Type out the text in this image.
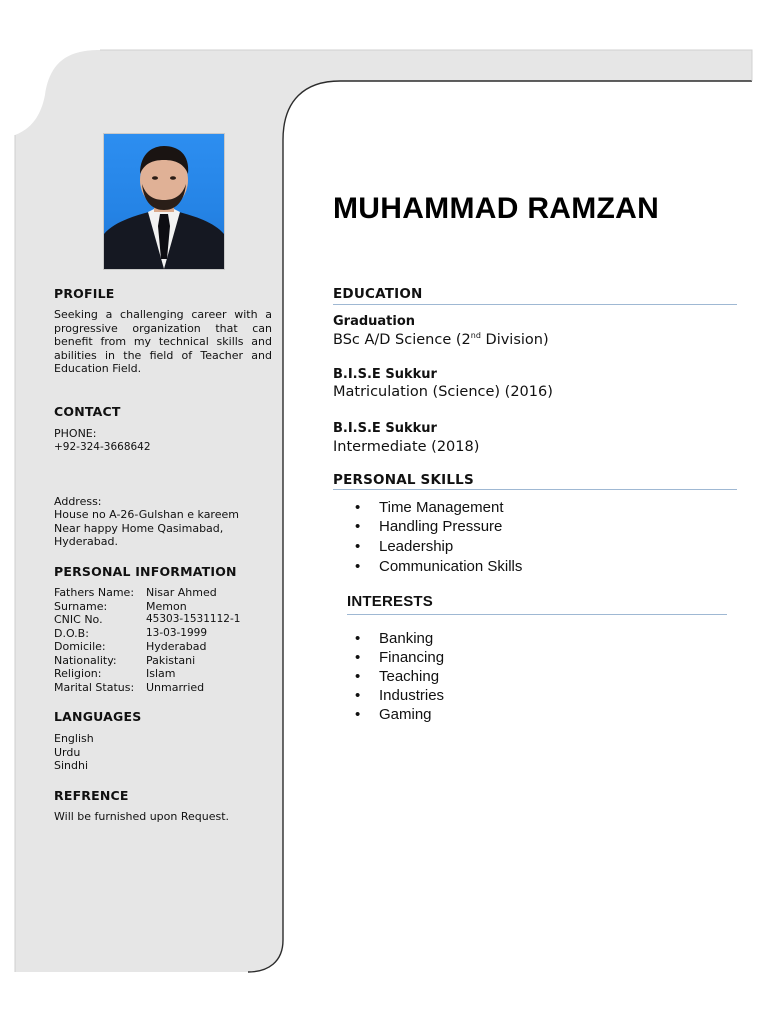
PROFILE
Seeking a challenging career with a progressive organization that can benefit from my technical skills and abilities in the field of Teacher and Education Field.
CONTACT
PHONE:
+92-324-3668642
Address:
House no A-26-Gulshan e kareem
Near happy Home Qasimabad,
Hyderabad.
PERSONAL INFORMATION
Fathers Name: Nisar Ahmed
Surname:	Memon
CNIC No.	45303-1531112-1
D.O.B:	13-03-1999
Domicile:	Hyderabad
Nationality:	Pakistani
Religion:	Islam
Marital Status: Unmarried
LANGUAGES
English
Urdu
Sindhi
REFRENCE
Will be furnished upon Request.
MUHAMMAD RAMZAN
EDUCATION
Graduation
BSc A/D Science (2nd Division)
B.I.S.E Sukkur
Matriculation (Science) (2016)
B.I.S.E Sukkur
Intermediate (2018)
PERSONAL SKILLS
• Time Management
• Handling Pressure
• Leadership
• Communication Skills
INTERESTS
• Banking
• Financing
• Teaching
• Industries
• Gaming
